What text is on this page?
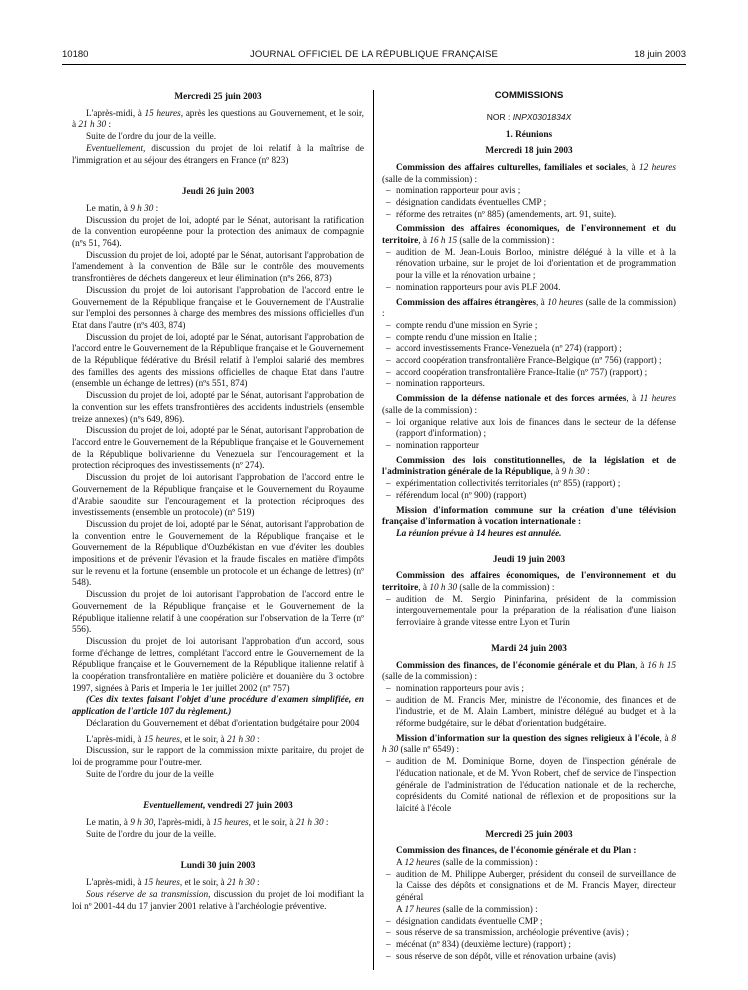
10180	JOURNAL OFFICIEL DE LA RÉPUBLIQUE FRANÇAISE	18 juin 2003

Mercredi 25 juin 2003

L'après-midi, à 15 heures, après les questions au Gouvernement, et le soir, à 21 h 30 :

Suite de l'ordre du jour de la veille.

Eventuellement, discussion du projet de loi relatif à la maîtrise de l'immigration et au séjour des étrangers en France (nº 823)

Jeudi 26 juin 2003

Le matin, à 9 h 30 :

Discussion du projet de loi, adopté par le Sénat, autorisant la ratification de la convention européenne pour la protection des animaux de compagnie (nºs 51, 764).

Discussion du projet de loi, adopté par le Sénat, autorisant l'approbation de l'amendement à la convention de Bâle sur le contrôle des mouvements transfrontières de déchets dangereux et leur élimination (nºs 266, 873)

Discussion du projet de loi autorisant l'approbation de l'accord entre le Gouvernement de la République française et le Gouvernement de l'Australie sur l'emploi des personnes à charge des membres des missions officielles d'un Etat dans l'autre (nºs 403, 874)

Discussion du projet de loi, adopté par le Sénat, autorisant l'approbation de l'accord entre le Gouvernement de la République française et le Gouvernement de la République fédérative du Brésil relatif à l'emploi salarié des membres des familles des agents des missions officielles de chaque Etat dans l'autre (ensemble un échange de lettres) (nºs 551, 874)

Discussion du projet de loi, adopté par le Sénat, autorisant l'approbation de la convention sur les effets transfrontières des accidents industriels (ensemble treize annexes) (nºs 649, 896).

Discussion du projet de loi, adopté par le Sénat, autorisant l'approbation de l'accord entre le Gouvernement de la République française et le Gouvernement de la République bolivarienne du Venezuela sur l'encouragement et la protection réciproques des investissements (nº 274).

Discussion du projet de loi autorisant l'approbation de l'accord entre le Gouvernement de la République française et le Gouvernement du Royaume d'Arabie saoudite sur l'encouragement et la protection réciproques des investissements (ensemble un protocole) (nº 519)

Discussion du projet de loi, adopté par le Sénat, autorisant l'approbation de la convention entre le Gouvernement de la République française et le Gouvernement de la République d'Ouzbékistan en vue d'éviter les doubles impositions et de prévenir l'évasion et la fraude fiscales en matière d'impôts sur le revenu et la fortune (ensemble un protocole et un échange de lettres) (nº 548).

Discussion du projet de loi autorisant l'approbation de l'accord entre le Gouvernement de la République française et le Gouvernement de la République italienne relatif à une coopération sur l'observation de la Terre (nº 556).

Discussion du projet de loi autorisant l'approbation d'un accord, sous forme d'échange de lettres, complétant l'accord entre le Gouvernement de la République française et le Gouvernement de la République italienne relatif à la coopération transfrontalière en matière policière et douanière du 3 octobre 1997, signées à Paris et Imperia le 1er juillet 2002 (nº 757)

(Ces dix textes faisant l'objet d'une procédure d'examen simplifiée, en application de l'article 107 du règlement.)

Déclaration du Gouvernement et débat d'orientation budgétaire pour 2004

L'après-midi, à 15 heures, et le soir, à 21 h 30 :

Discussion, sur le rapport de la commission mixte paritaire, du projet de loi de programme pour l'outre-mer.

Suite de l'ordre du jour de la veille

Eventuellement, vendredi 27 juin 2003

Le matin, à 9 h 30, l'après-midi, à 15 heures, et le soir, à 21 h 30 :

Suite de l'ordre du jour de la veille.

Lundi 30 juin 2003

L'après-midi, à 15 heures, et le soir, à 21 h 30 :

Sous réserve de sa transmission, discussion du projet de loi modifiant la loi nº 2001-44 du 17 janvier 2001 relative à l'archéologie préventive.

COMMISSIONS

NOR : INPX0301834X

1. Réunions

Mercredi 18 juin 2003

Commission des affaires culturelles, familiales et sociales, à 12 heures (salle de la commission) :

– nomination rapporteur pour avis ;
– désignation candidats éventuelles CMP ;
– réforme des retraites (nº 885) (amendements, art. 91, suite).

Commission des affaires économiques, de l'environnement et du territoire, à 16 h 15 (salle de la commission) :

– audition de M. Jean-Louis Borloo, ministre délégué à la ville et à la rénovation urbaine, sur le projet de loi d'orientation et de programmation pour la ville et la rénovation urbaine ;
– nomination rapporteurs pour avis PLF 2004.

Commission des affaires étrangères, à 10 heures (salle de la commission) :

– compte rendu d'une mission en Syrie ;
– compte rendu d'une mission en Italie ;
– accord investissements France-Venezuela (nº 274) (rapport) ;
– accord coopération transfrontalière France-Belgique (nº 756) (rapport) ;
– accord coopération transfrontalière France-Italie (nº 757) (rapport) ;
– nomination rapporteurs.

Commission de la défense nationale et des forces armées, à 11 heures (salle de la commission) :

– loi organique relative aux lois de finances dans le secteur de la défense (rapport d'information) ;
– nomination rapporteur

Commission des lois constitutionnelles, de la législation et de l'administration générale de la République, à 9 h 30 :

– expérimentation collectivités territoriales (nº 855) (rapport) ;
– référendum local (nº 900) (rapport)

Mission d'information commune sur la création d'une télévision française d'information à vocation internationale :

La réunion prévue à 14 heures est annulée.

Jeudi 19 juin 2003

Commission des affaires économiques, de l'environnement et du territoire, à 10 h 30 (salle de la commission) :

– audition de M. Sergio Pininfarina, président de la commission intergouvernementale pour la préparation de la réalisation d'une liaison ferroviaire à grande vitesse entre Lyon et Turin

Mardi 24 juin 2003

Commission des finances, de l'économie générale et du Plan, à 16 h 15 (salle de la commission) :

– nomination rapporteurs pour avis ;
– audition de M. Francis Mer, ministre de l'économie, des finances et de l'industrie, et de M. Alain Lambert, ministre délégué au budget et à la réforme budgétaire, sur le débat d'orientation budgétaire.

Mission d'information sur la question des signes religieux à l'école, à 8 h 30 (salle nº 6549) :

– audition de M. Dominique Borne, doyen de l'inspection générale de l'éducation nationale, et de M. Yvon Robert, chef de service de l'inspection générale de l'administration de l'éducation nationale et de la recherche, coprésidents du Comité national de réflexion et de propositions sur la laïcité à l'école

Mercredi 25 juin 2003

Commission des finances, de l'économie générale et du Plan :

A 12 heures (salle de la commission) :

– audition de M. Philippe Auberger, président du conseil de surveillance de la Caisse des dépôts et consignations et de M. Francis Mayer, directeur général

A 17 heures (salle de la commission) :

– désignation candidats éventuelle CMP ;
– sous réserve de sa transmission, archéologie préventive (avis) ;
– mécénat (nº 834) (deuxième lecture) (rapport) ;
– sous réserve de son dépôt, ville et rénovation urbaine (avis)
